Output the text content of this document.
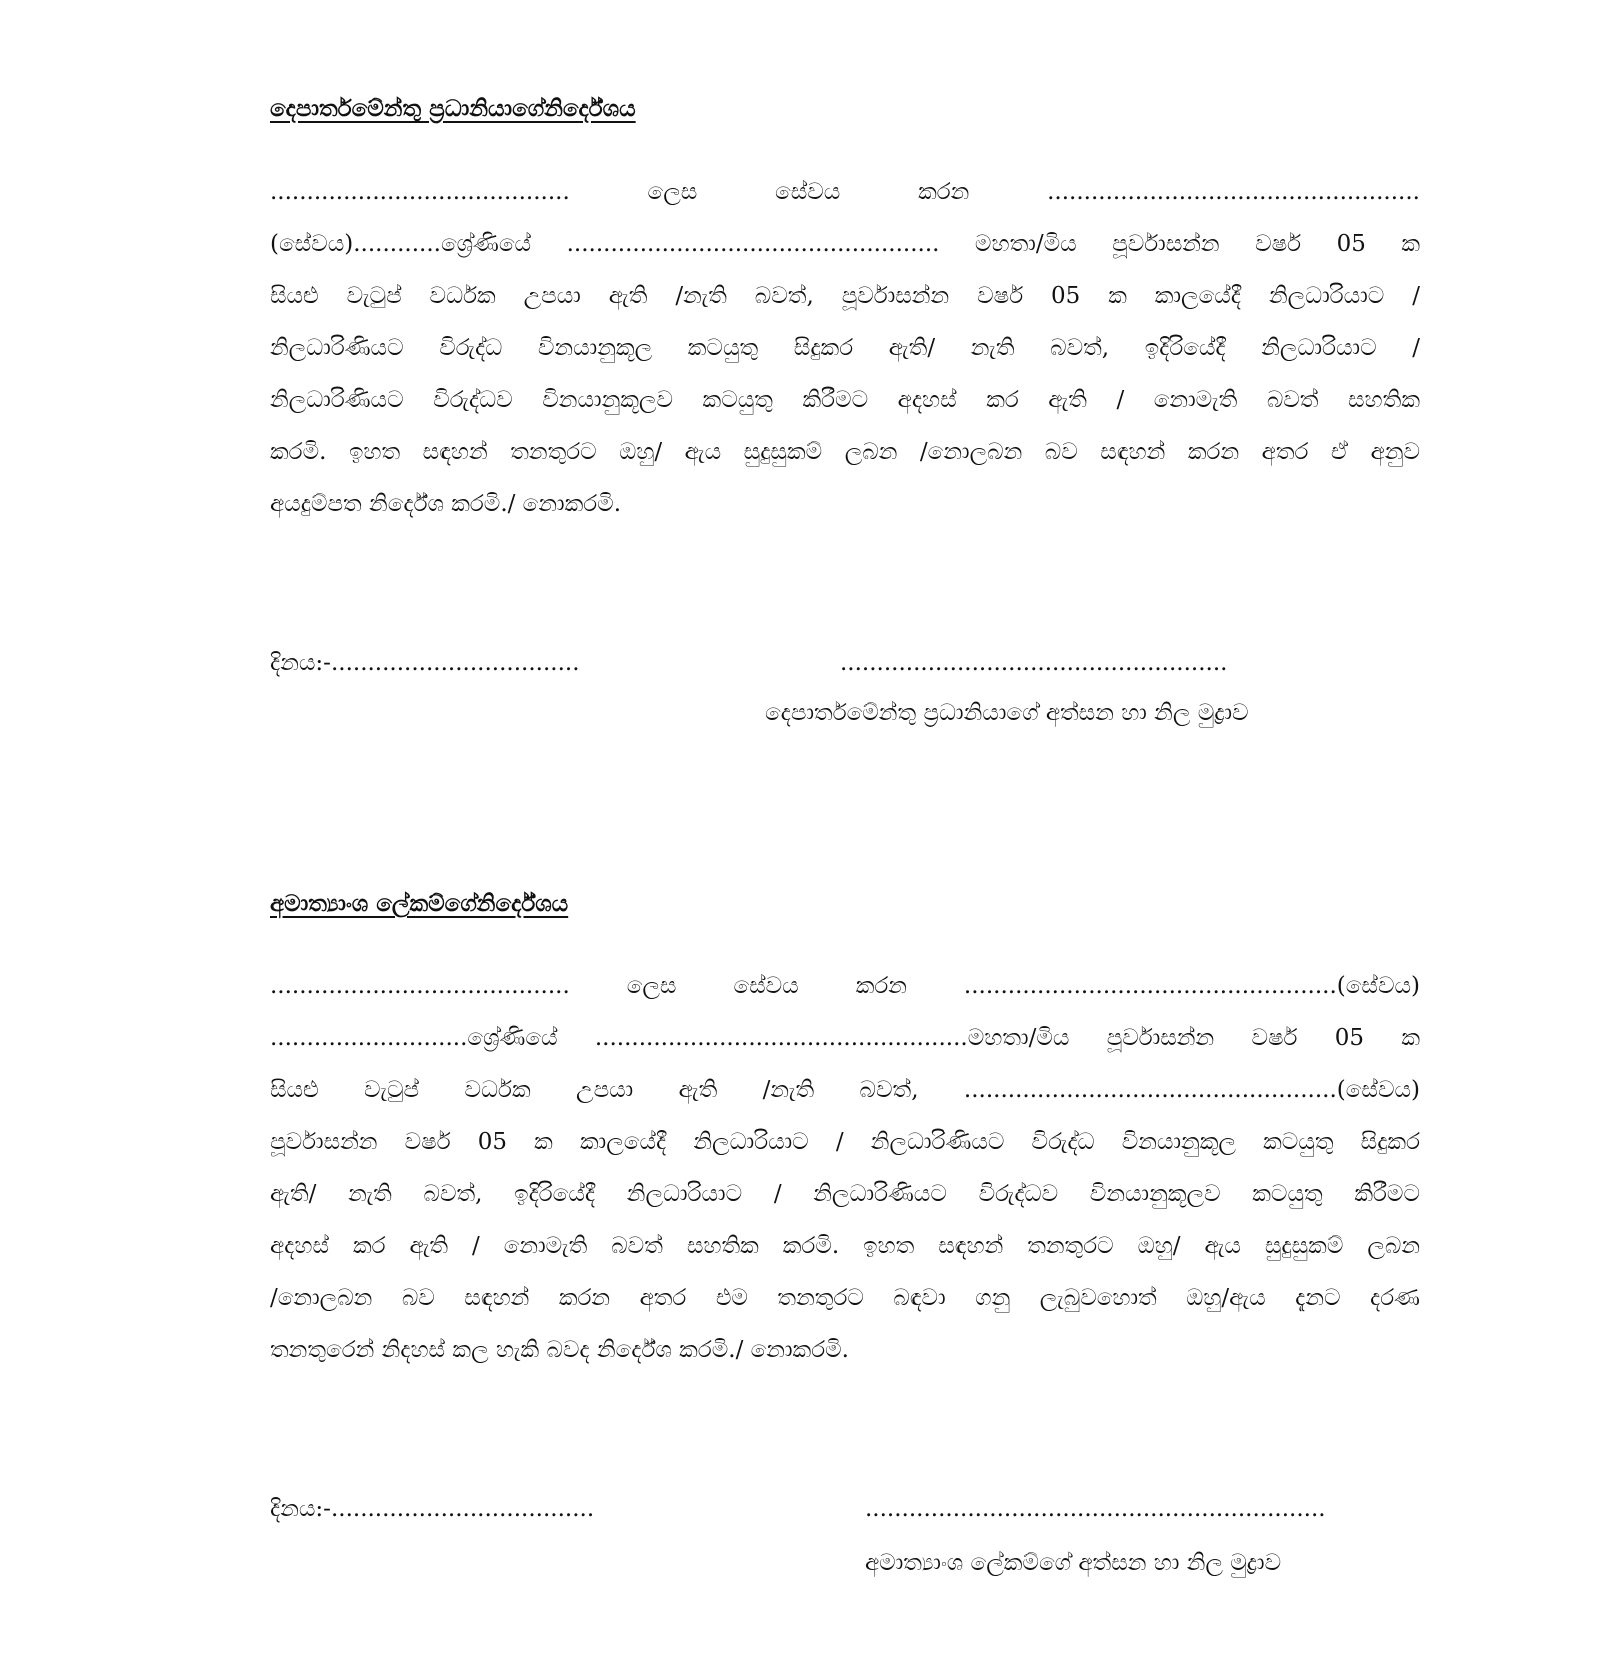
දෙපාර්තමේන්තු ප්‍රධානියාගේනිර්දේශය
......................................... ලෙස සේවය කරන ...................................................
(සේවය)............ශ්‍රේණියේ ................................................... මහතා/මිය පූර්වාසන්න වර්ෂ 05 ක
සියළු වැටුප් වර්ධක උපයා ඇති /නැති බවත්, පූර්වාසන්න වර්ෂ 05 ක කාලයේදී නිලධාරියාට /
නිලධාරිණියට විරුද්ධ විනයානුකූල කටයුතු සිදුකර ඇති/ නැති බවත්, ඉදිරියේදී නිලධාරියාට /
නිලධාරිණියට විරුද්ධව විනයානුකූලව කටයුතු කිරීමට අදහස් කර ඇති / නොමැති බවත් සහතික
කරමි. ඉහත සඳහන් තනතුරට ඔහු/ ඇය සුදුසුකම් ලබන /නොලබන බව සඳහන් කරන අතර ඒ අනුව
අයදුම්පත නිර්දේශ කරමි./ නොකරමි.
දිනය:-..................................	.....................................................
දෙපාර්තමේන්තු ප්‍රධානියාගේ අත්සන හා නිල මුද්‍රාව
අමාත්‍යාංශ ලේකම්ගේනිර්දේශය
......................................... ලෙස සේවය කරන ...................................................(සේවය)
...........................ශ්‍රේණියේ ...................................................මහතා/මිය පූර්වාසන්න වර්ෂ 05 ක
සියළු වැටුප් වර්ධක උපයා ඇති /නැති බවත්, ...................................................(සේවය)
පූර්වාසන්න වර්ෂ 05 ක කාලයේදී නිලධාරියාට / නිලධාරිණියට විරුද්ධ විනයානුකූල කටයුතු සිදුකර
ඇති/ නැති බවත්, ඉදිරියේදී නිලධාරියාට / නිලධාරිණියට විරුද්ධව විනයානුකූලව කටයුතු කිරීමට
අදහස් කර ඇති / නොමැති බවත් සහතික කරමි. ඉහත සඳහන් තනතුරට ඔහු/ ඇය සුදුසුකම් ලබන
/නොලබන බව සඳහන් කරන අතර එම තනතුරට බඳවා ගනු ලැබුවහොත් ඔහු/ඇය දැනට දරණ
තනතුරෙන් නිදහස් කල හැකි බවද නිර්දේශ කරමි./ නොකරමි.
දිනය:-....................................	...............................................................
අමාත්‍යාංශ ලේකම්ගේ අත්සන හා නිල මුද්‍රාව
